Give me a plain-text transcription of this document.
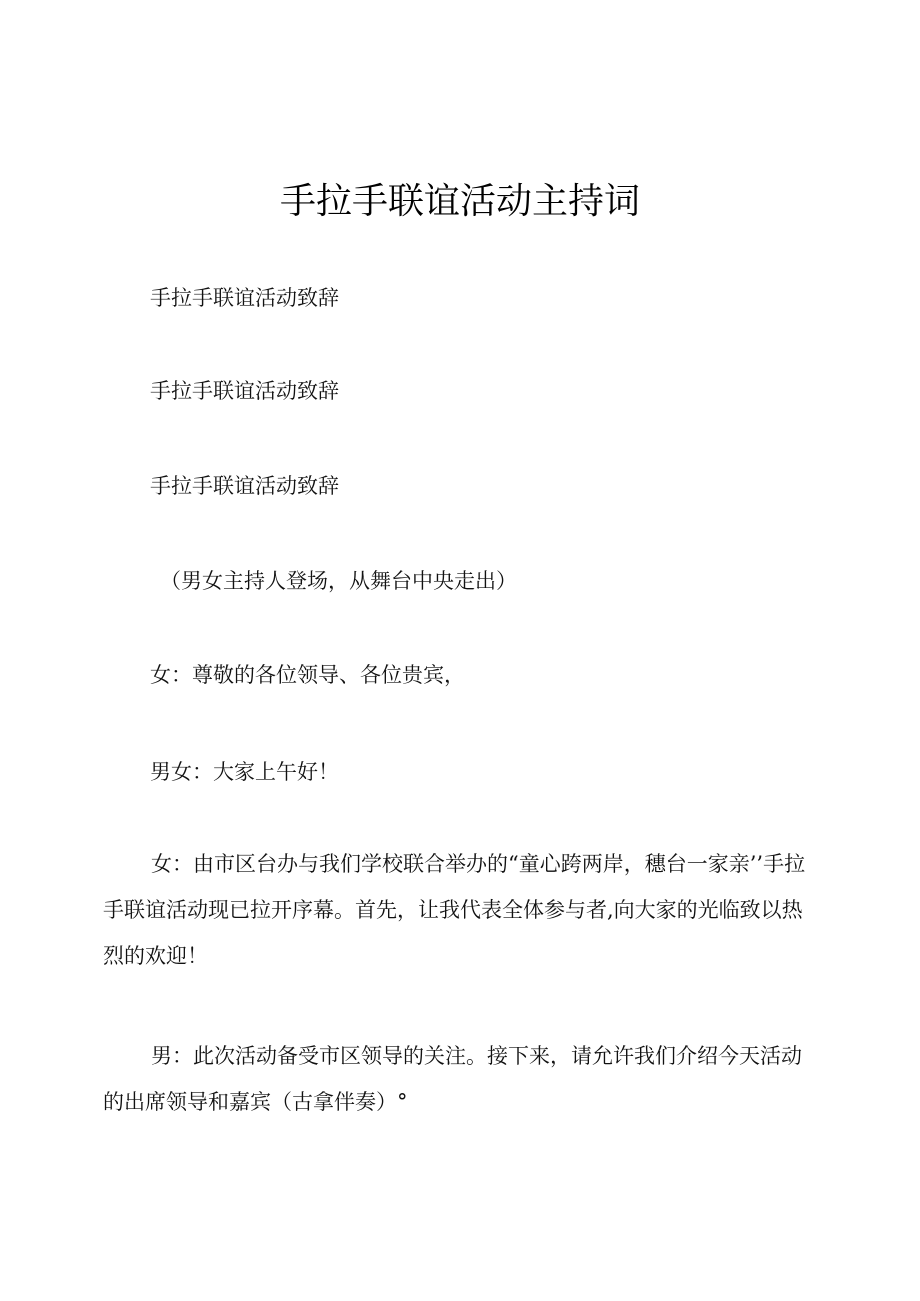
手拉手联谊活动主持词
手拉手联谊活动致辞
手拉手联谊活动致辞
手拉手联谊活动致辞
（男女主持人登场，从舞台中央走出）
女：尊敬的各位领导、各位贵宾，
男女：大家上午好！
女：由市区台办与我们学校联合举办的“童心跨两岸，穗台一家亲’’手拉手联谊活动现已拉开序幕。首先，让我代表全体参与者,向大家的光临致以热烈的欢迎！
男：此次活动备受市区领导的关注。接下来，请允许我们介绍今天活动的出席领导和嘉宾（古拿伴奏）°
